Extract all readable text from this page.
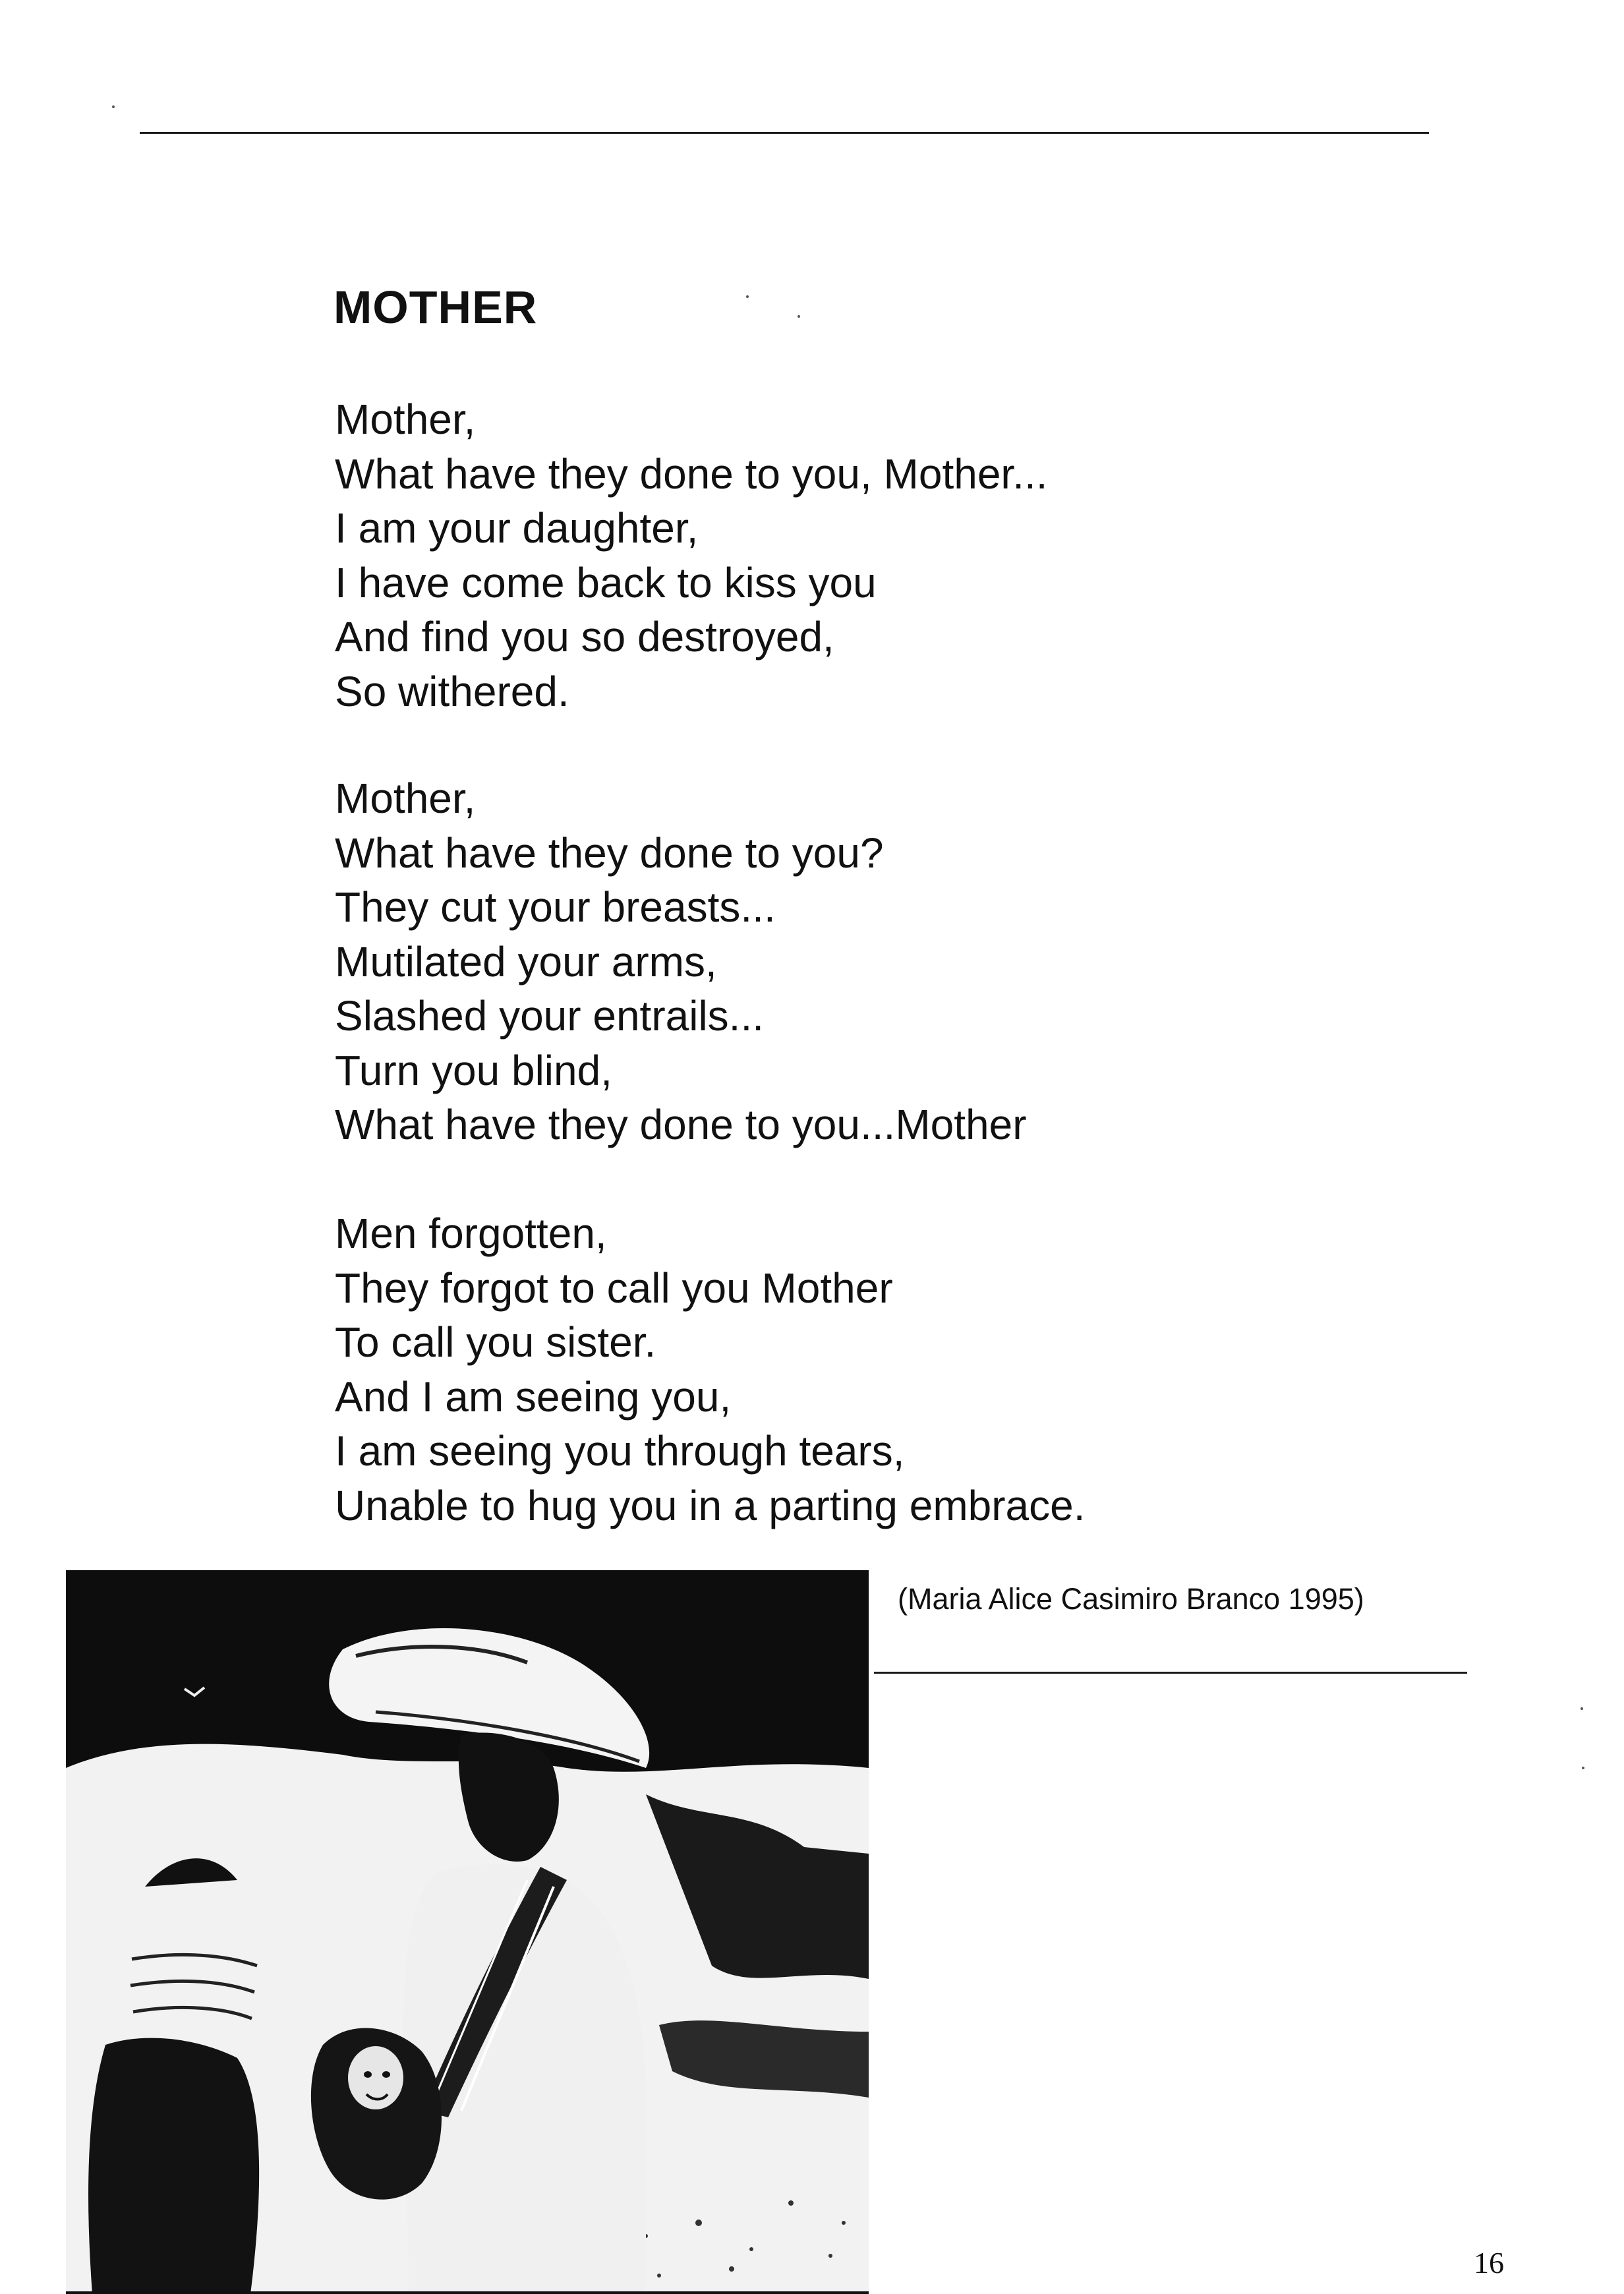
MOTHER
Mother,
What have they done to you, Mother...
I am your daughter,
I have come back to kiss you
And find you so destroyed,
So withered.
Mother,
What have they done to you?
They cut your breasts...
Mutilated your arms,
Slashed your entrails...
Turn you blind,
What have they done to you...Mother
Men forgotten,
They forgot to call you Mother
To call you sister.
And I am seeing you,
I am seeing you through tears,
Unable to hug you in a parting embrace.
(Maria Alice Casimiro Branco 1995)
16
